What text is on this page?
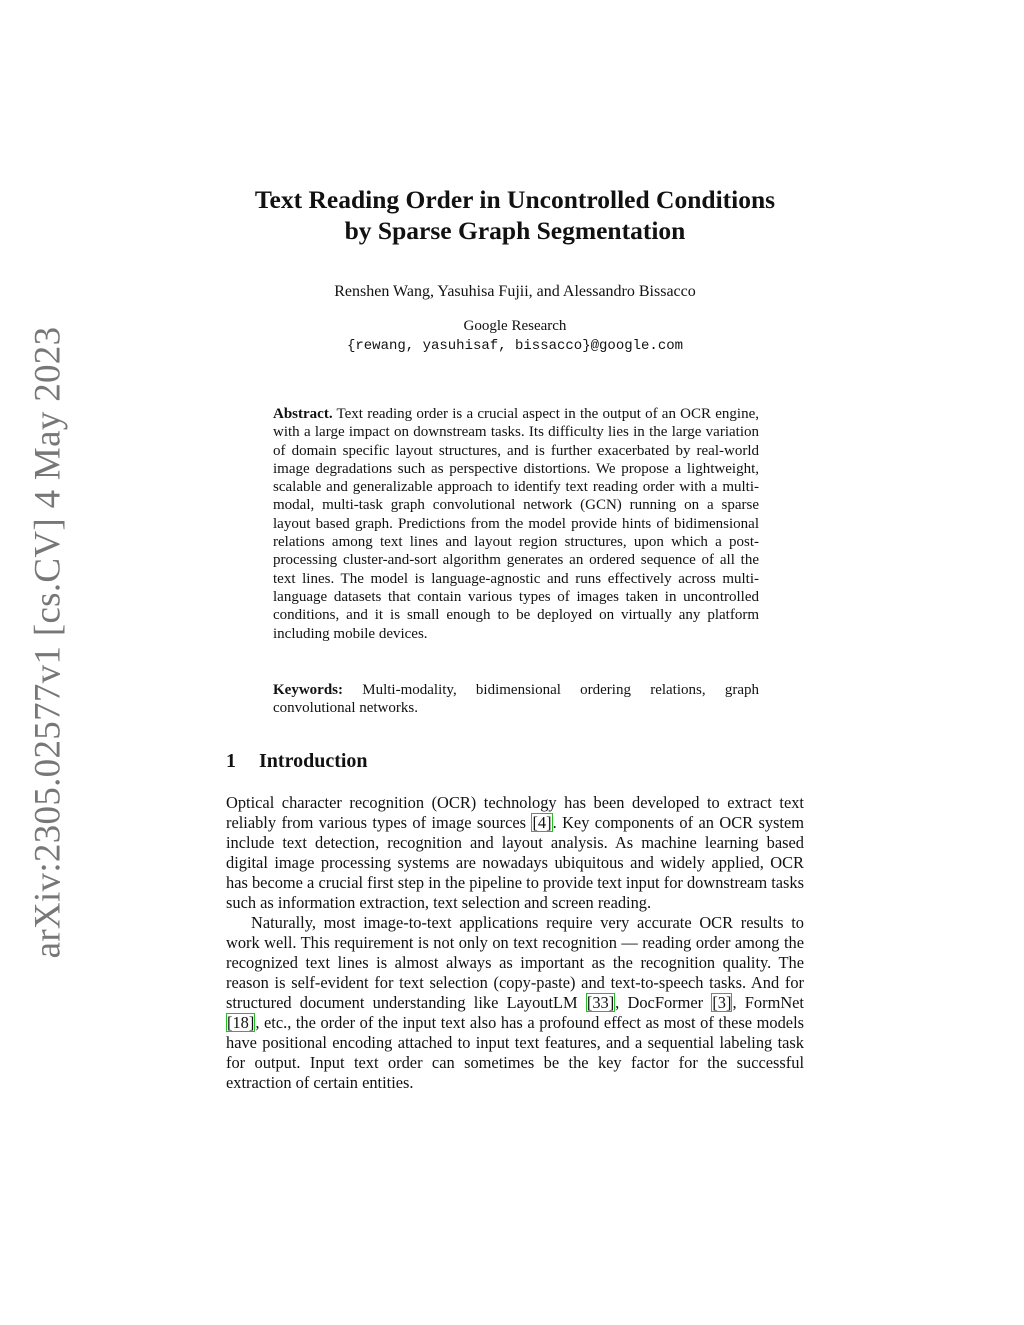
arXiv:2305.02577v1 [cs.CV] 4 May 2023
Text Reading Order in Uncontrolled Conditions
by Sparse Graph Segmentation
Renshen Wang, Yasuhisa Fujii, and Alessandro Bissacco
Google Research
{rewang, yasuhisaf, bissacco}@google.com

Abstract. Text reading order is a crucial aspect in the output of an OCR engine, with a large impact on downstream tasks. Its difficulty lies in the large variation of domain specific layout structures, and is further exacerbated by real-world image degradations such as perspective distortions. We propose a lightweight, scalable and generalizable approach to identify text reading order with a multi-modal, multi-task graph convolutional network (GCN) running on a sparse layout based graph. Predictions from the model provide hints of bidimensional relations among text lines and layout region structures, upon which a post-processing cluster-and-sort algorithm generates an ordered sequence of all the text lines. The model is language-agnostic and runs effectively across multi-language datasets that contain various types of images taken in uncontrolled conditions, and it is small enough to be deployed on virtually any platform including mobile devices.

Keywords: Multi-modality, bidimensional ordering relations, graph convolutional networks.

1 Introduction

Optical character recognition (OCR) technology has been developed to extract text reliably from various types of image sources [4]. Key components of an OCR system include text detection, recognition and layout analysis. As machine learning based digital image processing systems are nowadays ubiquitous and widely applied, OCR has become a crucial first step in the pipeline to provide text input for downstream tasks such as information extraction, text selection and screen reading.

Naturally, most image-to-text applications require very accurate OCR results to work well. This requirement is not only on text recognition — reading order among the recognized text lines is almost always as important as the recognition quality. The reason is self-evident for text selection (copy-paste) and text-to-speech tasks. And for structured document understanding like LayoutLM [33], DocFormer [3], FormNet [18], etc., the order of the input text also has a profound effect as most of these models have positional encoding attached to input text features, and a sequential labeling task for output. Input text order can sometimes be the key factor for the successful extraction of certain entities.
